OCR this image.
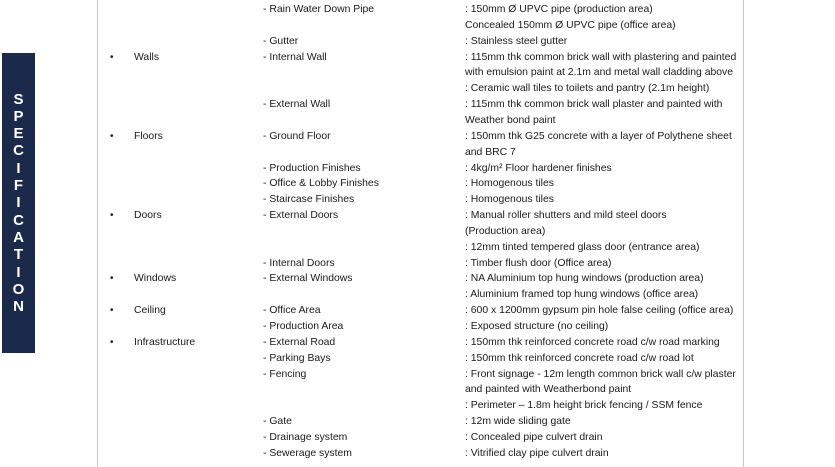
S
P
E
C
I
F
I
C
A
T
I
O
N
- Rain Water Down Pipe	: 150mm Ø UPVC pipe (production area)
Concealed 150mm Ø UPVC pipe (office area)
- Gutter	: Stainless steel gutter
• Walls	- Internal Wall	: 115mm thk common brick wall with plastering and painted
with emulsion paint at 2.1m and metal wall cladding above
: Ceramic wall tiles to toilets and pantry (2.1m height)
- External Wall	: 115mm thk common brick wall plaster and painted with
Weather bond paint
• Floors	- Ground Floor	: 150mm thk G25 concrete with a layer of Polythene sheet
and BRC 7
- Production Finishes	: 4kg/m² Floor hardener finishes
- Office & Lobby Finishes	: Homogenous tiles
- Staircase Finishes	: Homogenous tiles
• Doors	- External Doors	: Manual roller shutters and mild steel doors
(Production area)
: 12mm tinted tempered glass door (entrance area)
- Internal Doors	: Timber flush door (Office area)
• Windows	- External Windows	: NA Aluminium top hung windows (production area)
: Aluminium framed top hung windows (office area)
• Ceiling	- Office Area	: 600 x 1200mm gypsum pin hole false ceiling (office area)
- Production Area	: Exposed structure (no ceiling)
• Infrastructure	- External Road	: 150mm thk reinforced concrete road c/w road marking
- Parking Bays	: 150mm thk reinforced concrete road c/w road lot
- Fencing	: Front signage - 12m length common brick wall c/w plaster
and painted with Weatherbond paint
: Perimeter – 1.8m height brick fencing / SSM fence
- Gate	: 12m wide sliding gate
- Drainage system	: Concealed pipe culvert drain
- Sewerage system	: Vitrified clay pipe culvert drain
